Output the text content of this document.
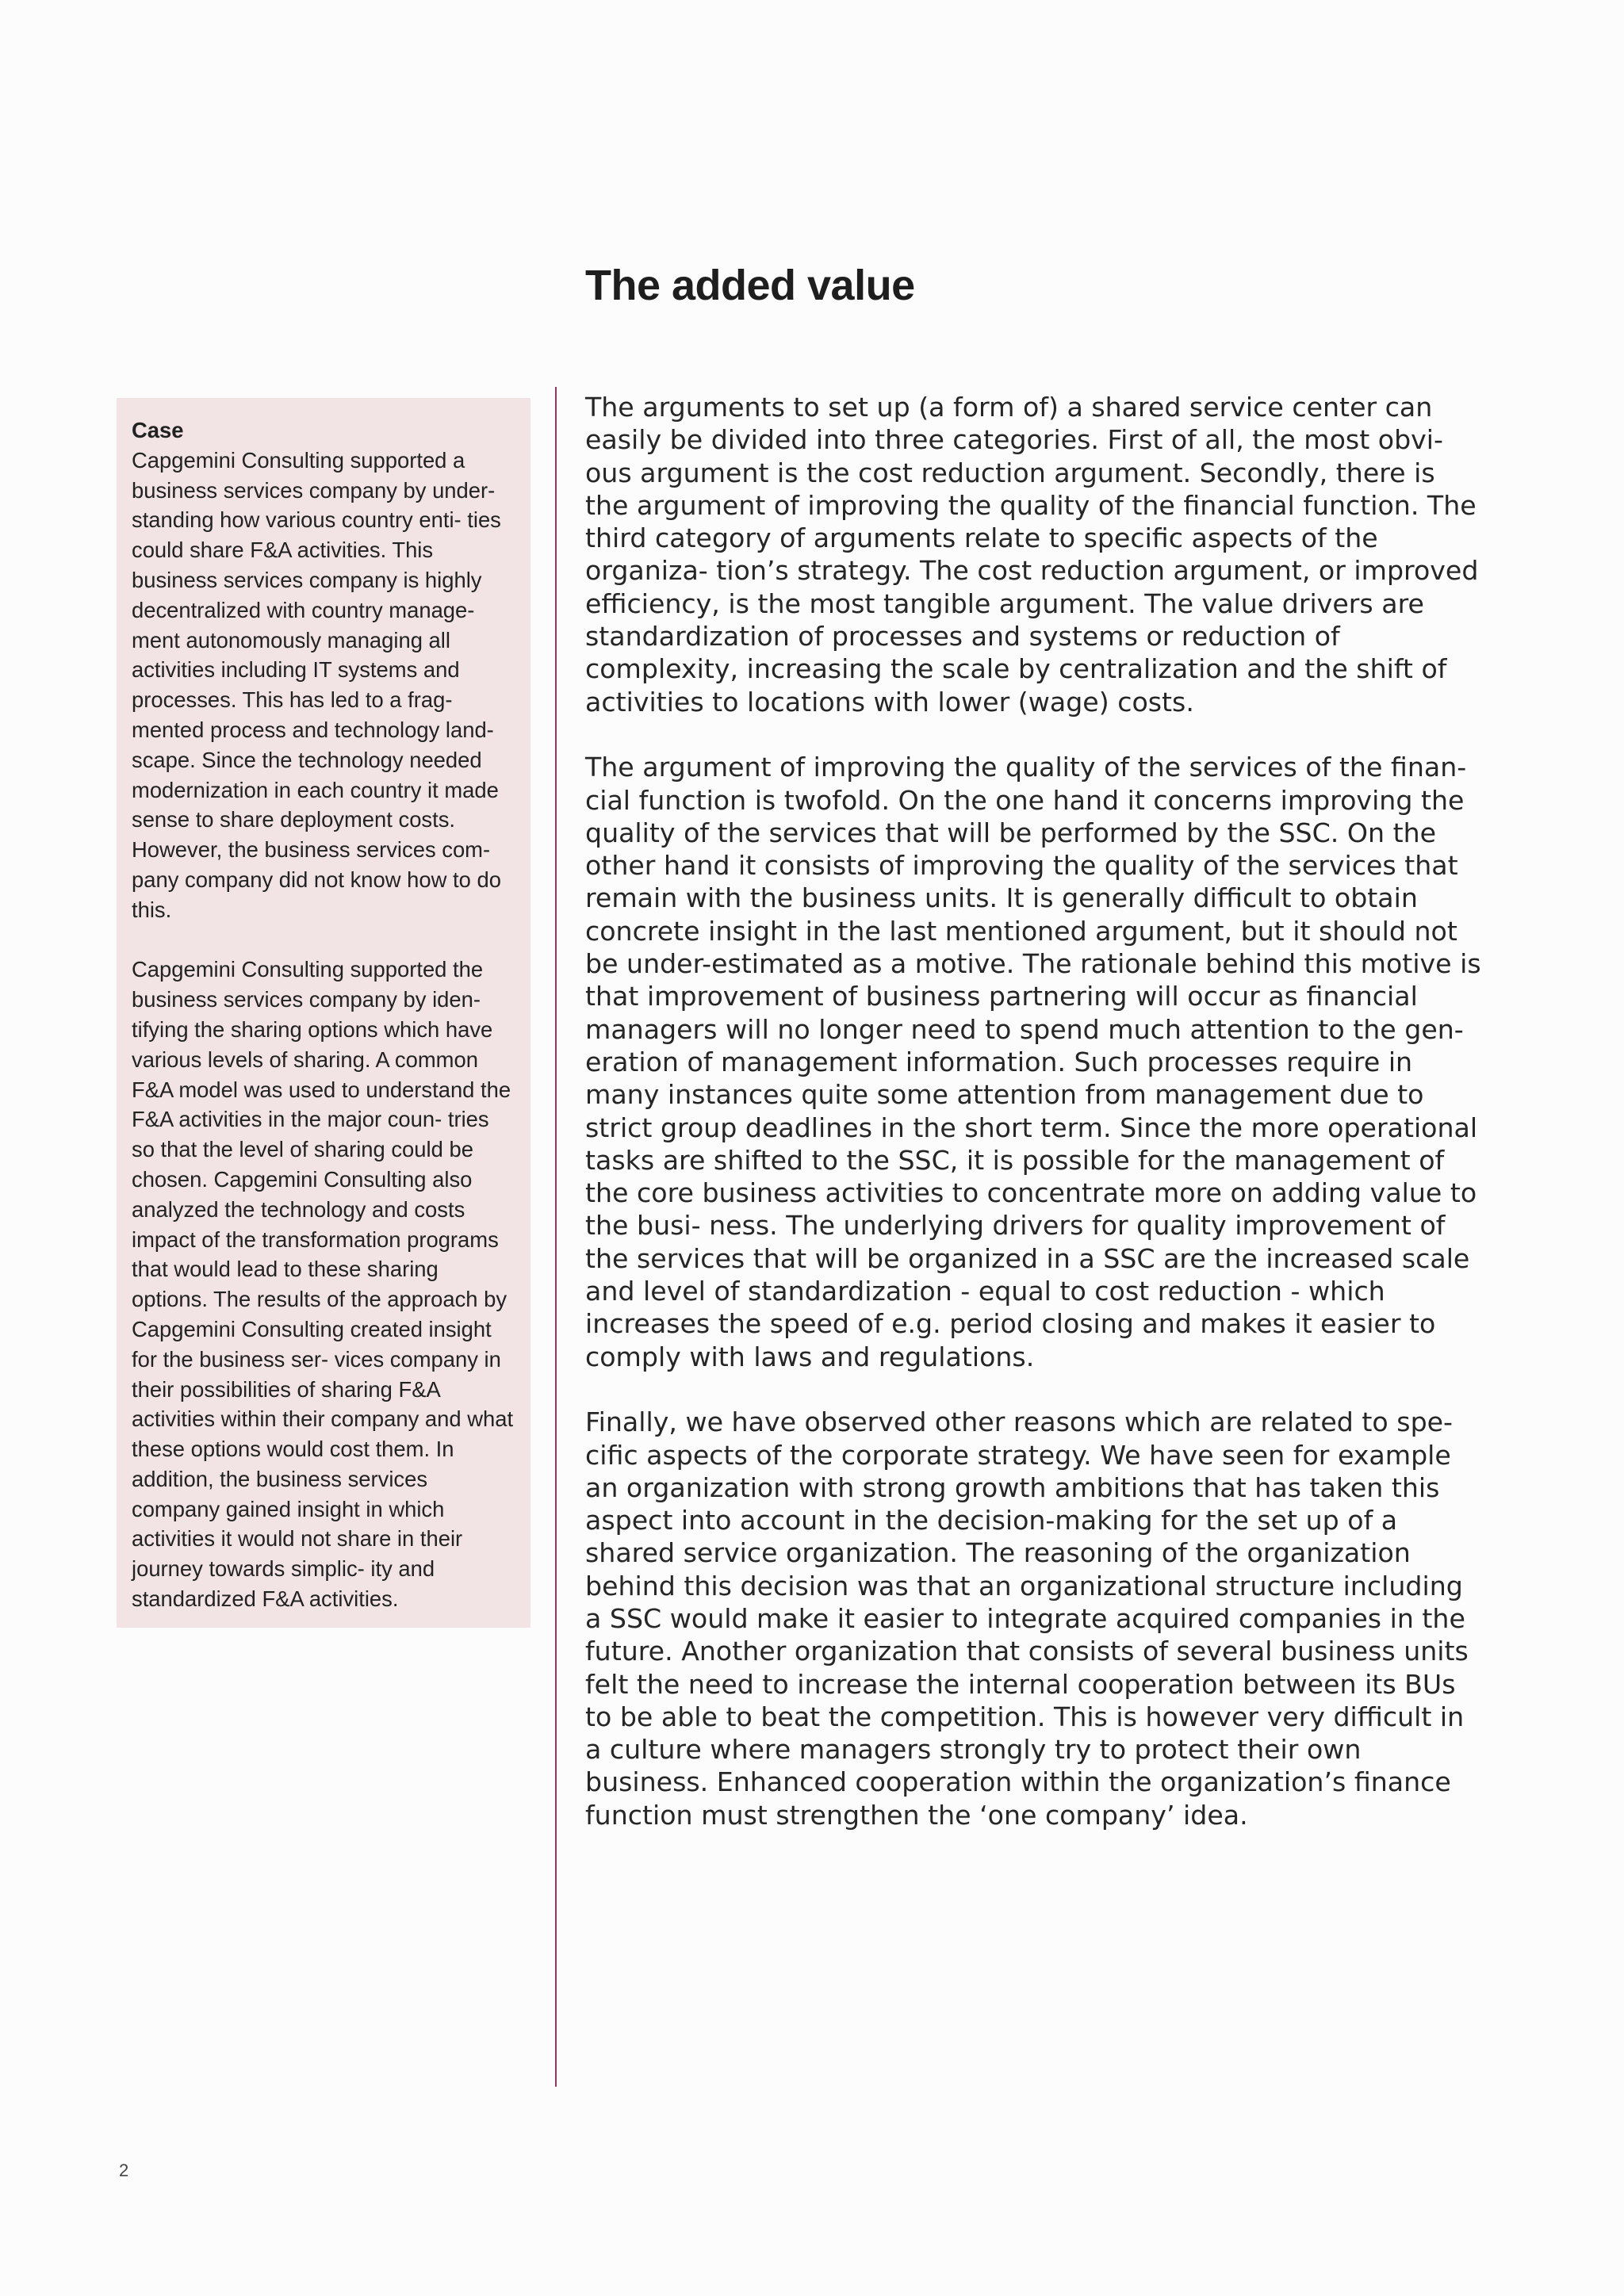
The added value

Case

Capgemini Consulting supported a business services company by under- standing how various country enti- ties could share F&A activities. This business services company is highly decentralized with country manage- ment autonomously managing all activities including IT systems and processes. This has led to a frag- mented process and technology land- scape. Since the technology needed modernization in each country it made sense to share deployment costs. However, the business services com- pany company did not know how to do this.

Capgemini Consulting supported the business services company by iden- tifying the sharing options which have various levels of sharing. A common F&A model was used to understand the F&A activities in the major coun- tries so that the level of sharing could be chosen. Capgemini Consulting also analyzed the technology and costs impact of the transformation programs that would lead to these sharing options. The results of the approach by Capgemini Consulting created insight for the business ser- vices company in their possibilities of sharing F&A activities within their company and what these options would cost them. In addition, the business services company gained insight in which activities it would not share in their journey towards simplic- ity and standardized F&A activities.

The arguments to set up (a form of) a shared service center can easily be divided into three categories. First of all, the most obvi- ous argument is the cost reduction argument. Secondly, there is the argument of improving the quality of the financial function. The third category of arguments relate to specific aspects of the organiza- tion’s strategy. The cost reduction argument, or improved efficiency, is the most tangible argument. The value drivers are standardization of processes and systems or reduction of complexity, increasing the scale by centralization and the shift of activities to locations with lower (wage) costs.

The argument of improving the quality of the services of the finan- cial function is twofold. On the one hand it concerns improving the quality of the services that will be performed by the SSC. On the other hand it consists of improving the quality of the services that remain with the business units. It is generally difficult to obtain concrete insight in the last mentioned argument, but it should not be under-estimated as a motive. The rationale behind this motive is that improvement of business partnering will occur as financial managers will no longer need to spend much attention to the gen- eration of management information. Such processes require in many instances quite some attention from management due to strict group deadlines in the short term. Since the more operational tasks are shifted to the SSC, it is possible for the management of the core business activities to concentrate more on adding value to the busi- ness. The underlying drivers for quality improvement of the services that will be organized in a SSC are the increased scale and level of standardization - equal to cost reduction - which increases the speed of e.g. period closing and makes it easier to comply with laws and regulations.

Finally, we have observed other reasons which are related to spe- cific aspects of the corporate strategy. We have seen for example an organization with strong growth ambitions that has taken this aspect into account in the decision-making for the set up of a shared service organization. The reasoning of the organization behind this decision was that an organizational structure including a SSC would make it easier to integrate acquired companies in the future. Another organization that consists of several business units felt the need to increase the internal cooperation between its BUs to be able to beat the competition. This is however very difficult in a culture where managers strongly try to protect their own business. Enhanced cooperation within the organization’s finance function must strengthen the ‘one company’ idea.

2
